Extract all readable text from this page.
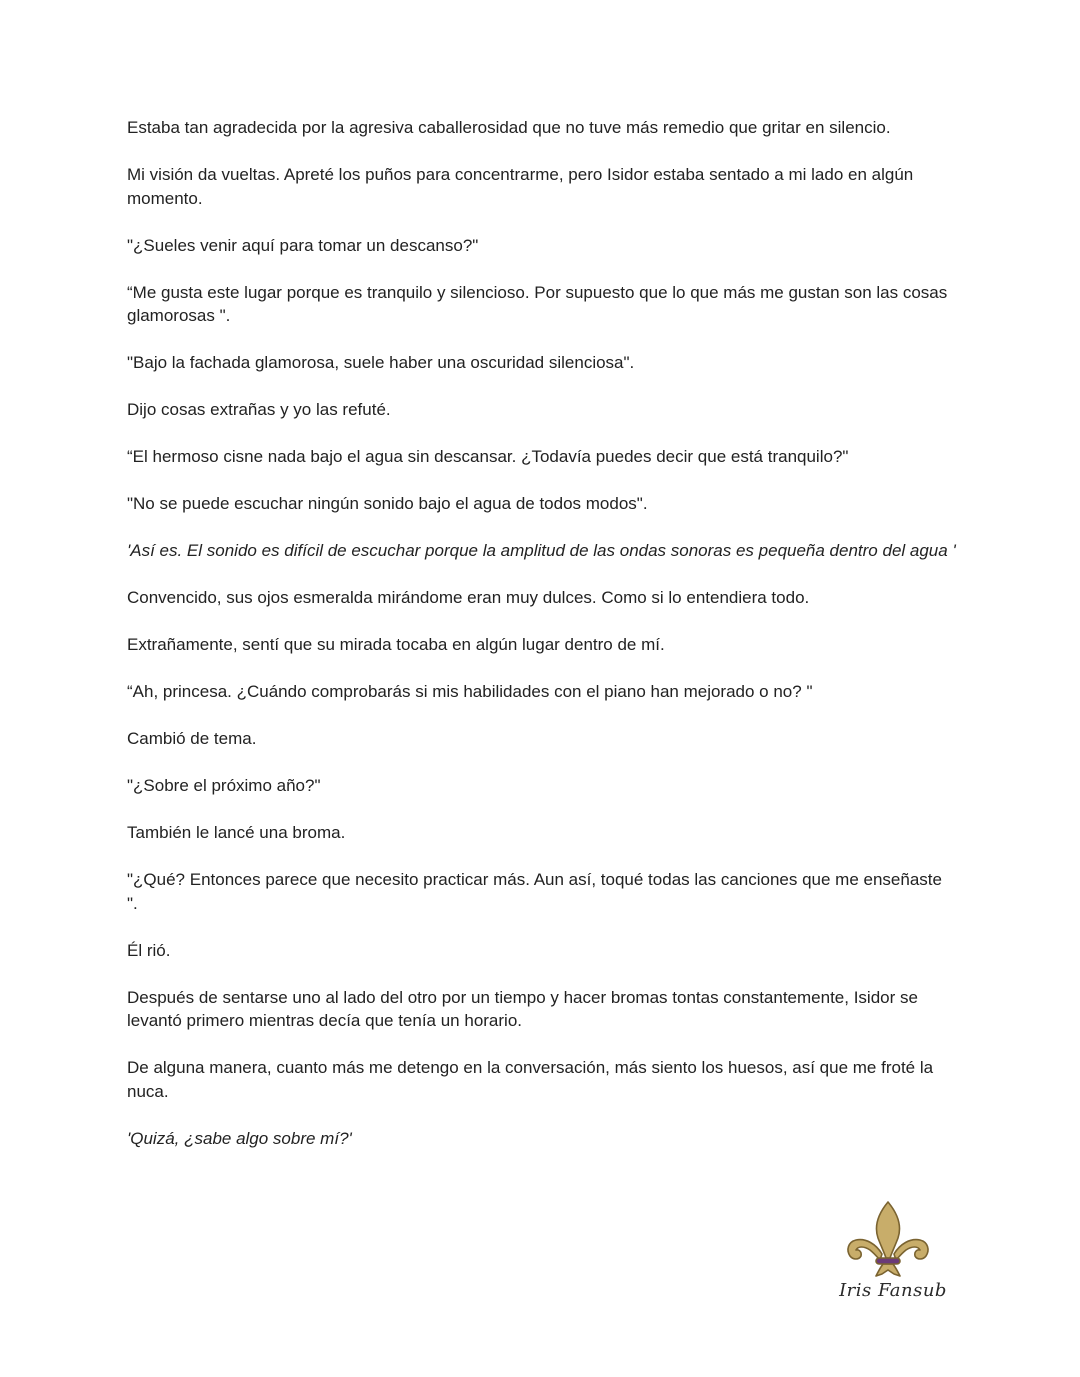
Estaba tan agradecida por la agresiva caballerosidad que no tuve más remedio que gritar en silencio.

Mi visión da vueltas. Apreté los puños para concentrarme, pero Isidor estaba sentado a mi lado en algún momento.

"¿Sueles venir aquí para tomar un descanso?"

“Me gusta este lugar porque es tranquilo y silencioso. Por supuesto que lo que más me gustan son las cosas glamorosas ".

"Bajo la fachada glamorosa, suele haber una oscuridad silenciosa".

Dijo cosas extrañas y yo las refuté.

“El hermoso cisne nada bajo el agua sin descansar. ¿Todavía puedes decir que está tranquilo?"

"No se puede escuchar ningún sonido bajo el agua de todos modos".

'Así es. El sonido es difícil de escuchar porque la amplitud de las ondas sonoras es pequeña dentro del agua '

Convencido, sus ojos esmeralda mirándome eran muy dulces. Como si lo entendiera todo.

Extrañamente, sentí que su mirada tocaba en algún lugar dentro de mí.

“Ah, princesa. ¿Cuándo comprobarás si mis habilidades con el piano han mejorado o no? "

Cambió de tema.

"¿Sobre el próximo año?"

También le lancé una broma.

"¿Qué? Entonces parece que necesito practicar más. Aun así, toqué todas las canciones que me enseñaste ".

Él rió.

Después de sentarse uno al lado del otro por un tiempo y hacer bromas tontas constantemente, Isidor se levantó primero mientras decía que tenía un horario.

De alguna manera, cuanto más me detengo en la conversación, más siento los huesos, así que me froté la nuca.

'Quizá, ¿sabe algo sobre mí?'

Iris Fansub
